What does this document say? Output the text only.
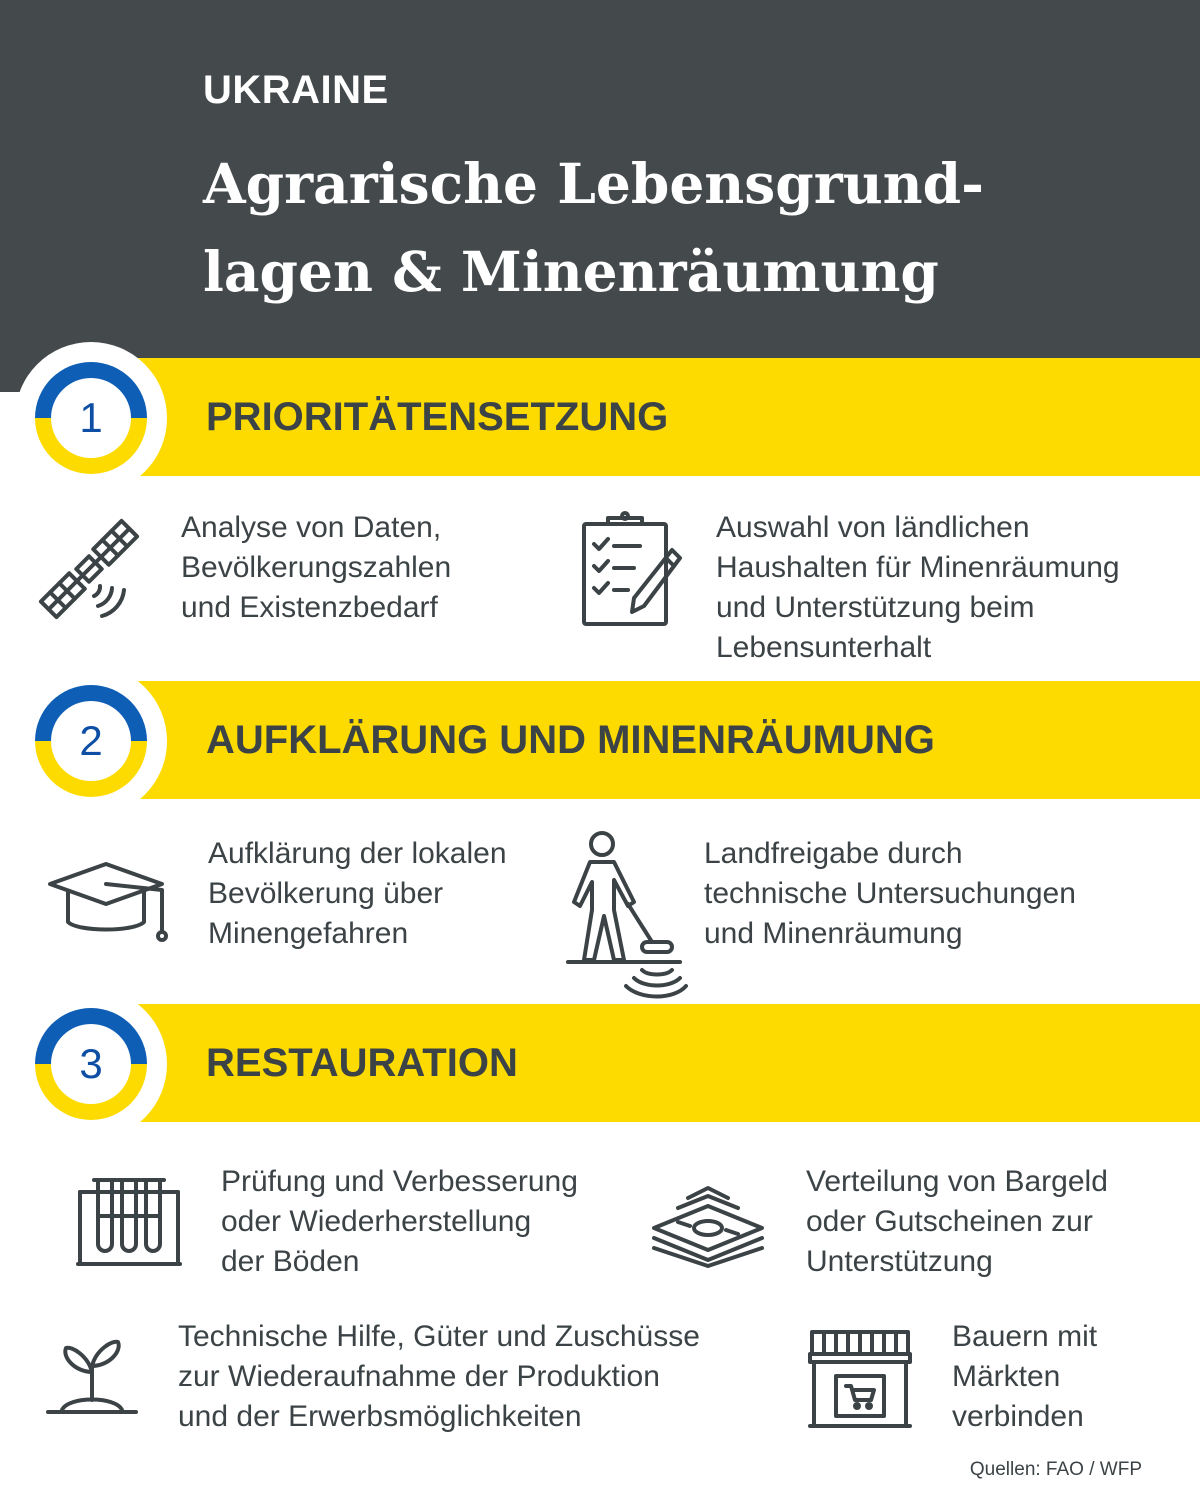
UKRAINE
Agrarische Lebensgrund-
lagen & Minenräumung
1	PRIORITÄTENSETZUNG
Analyse von Daten,
Bevölkerungszahlen
und Existenzbedarf
Auswahl von ländlichen
Haushalten für Minenräumung
und Unterstützung beim
Lebensunterhalt
2	AUFKLÄRUNG UND MINENRÄUMUNG
Aufklärung der lokalen
Bevölkerung über
Minengefahren
Landfreigabe durch
technische Untersuchungen
und Minenräumung
3	RESTAURATION
Prüfung und Verbesserung
oder Wiederherstellung
der Böden
Verteilung von Bargeld
oder Gutscheinen zur
Unterstützung
Technische Hilfe, Güter und Zuschüsse
zur Wiederaufnahme der Produktion
und der Erwerbsmöglichkeiten
Bauern mit
Märkten
verbinden
Quellen: FAO / WFP
